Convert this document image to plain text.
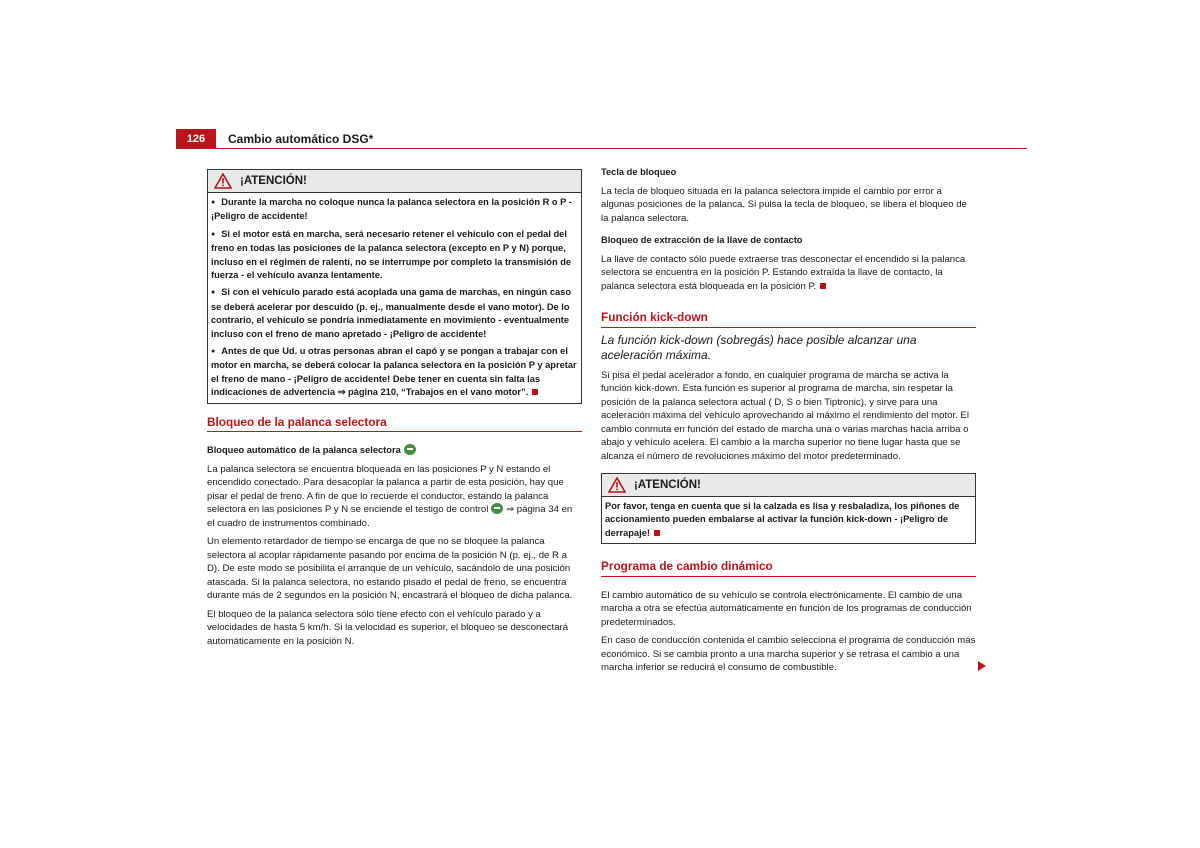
126	Cambio automático DSG*
¡ATENCIÓN!

● Durante la marcha no coloque nunca la palanca selectora en la posición R o P - ¡Peligro de accidente!

● Si el motor está en marcha, será necesario retener el vehículo con el pedal del freno en todas las posiciones de la palanca selectora (excepto en P y N) porque, incluso en el régimen de ralentí, no se interrumpe por completo la transmisión de fuerza - el vehículo avanza lentamente.

● Si con el vehículo parado está acoplada una gama de marchas, en ningún caso se deberá acelerar por descuido (p. ej., manualmente desde el vano motor). De lo contrario, el vehículo se pondría inmediatamente en movimiento - eventualmente incluso con el freno de mano apretado - ¡Peligro de accidente!

● Antes de que Ud. u otras personas abran el capó y se pongan a trabajar con el motor en marcha, se deberá colocar la palanca selectora en la posición P y apretar el freno de mano - ¡Peligro de accidente! Debe tener en cuenta sin falta las indicaciones de advertencia ⇒ página 210, “Trabajos en el vano motor”.

Bloqueo de la palanca selectora

Bloqueo automático de la palanca selectora

La palanca selectora se encuentra bloqueada en las posiciones P y N estando el encendido conectado. Para desacoplar la palanca a partir de esta posición, hay que pisar el pedal de freno. A fin de que lo recuerde el conductor, estando la palanca selectora en las posiciones P y N se enciende el testigo de control ⇒ página 34 en el cuadro de instrumentos combinado.

Un elemento retardador de tiempo se encarga de que no se bloquee la palanca selectora al acoplar rápidamente pasando por encima de la posición N (p. ej., de R a D). De este modo se posibilita el arranque de un vehículo, sacándolo de una posición atascada. Si la palanca selectora, no estando pisado el pedal de freno, se encuentra durante más de 2 segundos en la posición N, encastrará el bloqueo de dicha palanca.

El bloqueo de la palanca selectora sólo tiene efecto con el vehículo parado y a velocidades de hasta 5 km/h. Si la velocidad es superior, el bloqueo se desconectará automáticamente en la posición N.

Tecla de bloqueo

La tecla de bloqueo situada en la palanca selectora impide el cambio por error a algunas posiciones de la palanca. Si pulsa la tecla de bloqueo, se libera el bloqueo de la palanca selectora.

Bloqueo de extracción de la llave de contacto

La llave de contacto sólo puede extraerse tras desconectar el encendido si la palanca selectora se encuentra en la posición P. Estando extraída la llave de contacto, la palanca selectora está bloqueada en la posición P.

Función kick-down

La función kick-down (sobregás) hace posible alcanzar una aceleración máxima.

Si pisa el pedal acelerador a fondo, en cualquier programa de marcha se activa la función kick-down. Esta función es superior al programa de marcha, sin respetar la posición de la palanca selectora actual ( D, S o bien Tiptronic), y sirve para una aceleración máxima del vehículo aprovechando al máximo el rendimiento del motor. El cambio conmuta en función del estado de marcha una o varias marchas hacia arriba o abajo y vehículo acelera. El cambio a la marcha superior no tiene lugar hasta que se alcanza el número de revoluciones máximo del motor predeterminado.

¡ATENCIÓN!

Por favor, tenga en cuenta que si la calzada es lisa y resbaladiza, los piñones de accionamiento pueden embalarse al activar la función kick-down - ¡Peligro de derrapaje!

Programa de cambio dinámico

El cambio automático de su vehículo se controla electrónicamente. El cambio de una marcha a otra se efectúa automáticamente en función de los programas de conducción predeterminados.

En caso de conducción contenida el cambio selecciona el programa de conducción más económico. Si se cambia pronto a una marcha superior y se retrasa el cambio a una marcha inferior se reducirá el consumo de combustible.
